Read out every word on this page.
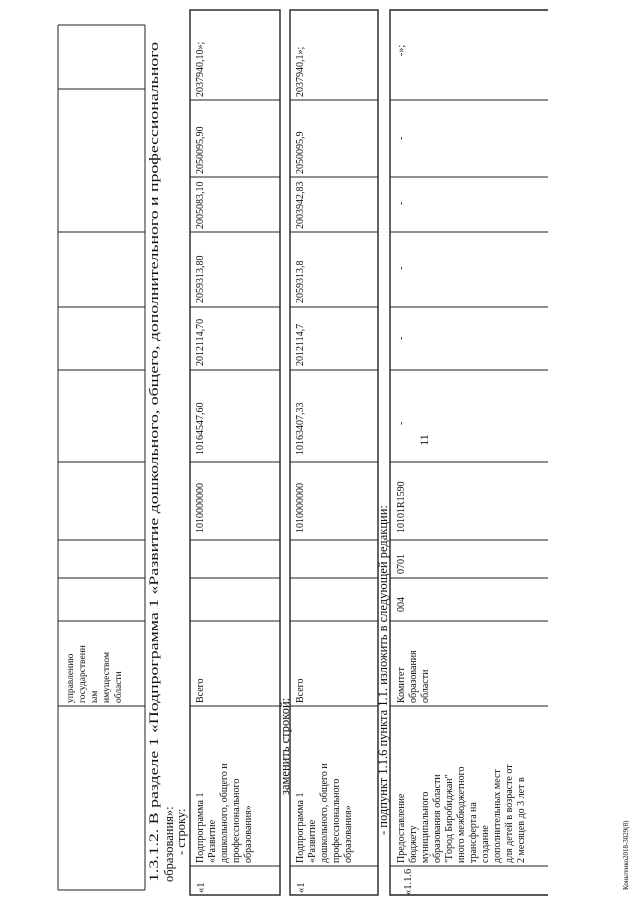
11
Коньтенко2018-3829(8)
управлению государственн ым имуществом области 1.3.1.2. В разделе 1 «Подпрограмма 1 «Развитие дошкольного, общего, дополнительного и профессионального образования»:
- строку:
«1
Подпрограмма 1 «Развитие дошкольного, общего и профессионального образования»
Всего
1010000000
10164547,60
2012114,70
2059313,80
2005083,10
2050095,90
2037940,10»;
заменить строкой:
«1
Подпрограмма 1 «Развитие дошкольного, общего и профессионального образования»
Всего
1010000000
10163407,33
2012114,7
2059313,8
2003942,83
2050095,9
2037940,1»;
- подпункт 1.1.6 пункта 1.1. изложить в следующей редакции:
«1.1.6
Предоставление бюджету муниципального образования области "Город Биробиджан" иного межбюджетного трансферта на создание дополнительных мест для детей в возрасте от 2 месяцев до 3 лет в
Комитет образования области
004
0701
10101R1590
-
-
-
-
-
-»;
